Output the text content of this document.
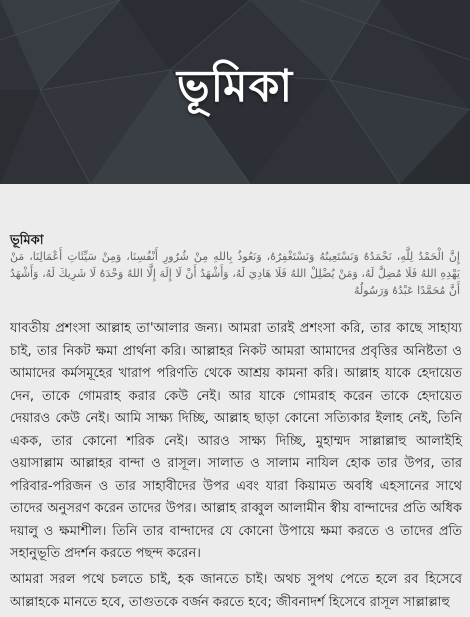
ভূমিকা
ভূমিকা
إِنَّ الْحَمْدُ لِلَّهِ، نَحْمَدُهُ وَنَسْتَعِينُهُ وَنَسْتَغْفِرُهُ، وَنَعُوذُ بِاللهِ مِنْ شُرُورِ أَنْفُسِنَا، وَمِنْ سَيِّئَاتِ أَعْمَالِنَا، مَنْ يَهْدِهِ اللهُ فَلَا مُضِلَّ لَهُ، وَمَنْ يُضْلِلْ اللهُ فَلَا هَادِيَ لَهُ، وَأَشْهَدُ أَنْ لَا إِلَهَ إِلَّا اللهُ وَحْدَهُ لَا شَرِيكَ لَهُ، وَأَشْهَدُ أَنَّ مُحَمَّدًا عَبْدُهُ وَرَسُولُهُ

যাবতীয় প্রশংসা আল্লাহ তা'আলার জন্য। আমরা তারই প্রশংসা করি, তার কাছে সাহায্য চাই, তার নিকট ক্ষমা প্রার্থনা করি। আল্লাহর নিকট আমরা আমাদের প্রবৃত্তির অনিষ্টতা ও আমাদের কর্মসমূহের খারাপ পরিণতি থেকে আশ্রয় কামনা করি। আল্লাহ যাকে হেদায়েত দেন, তাকে গোমরাহ করার কেউ নেই। আর যাকে গোমরাহ করেন তাকে হেদায়েত দেয়ারও কেউ নেই। আমি সাক্ষ্য দিচ্ছি, আল্লাহ ছাড়া কোনো সত্যিকার ইলাহ নেই, তিনি একক, তার কোনো শরিক নেই। আরও সাক্ষ্য দিচ্ছি, মুহাম্মদ সাল্লাল্লাহু আলাইহি ওয়াসাল্লাম আল্লাহর বান্দা ও রাসূল। সালাত ও সালাম নাযিল হোক তার উপর, তার পরিবার-পরিজন ও তার সাহাবীদের উপর এবং যারা কিয়ামত অবধি এহসানের সাথে তাদের অনুসরণ করেন তাদের উপর। আল্লাহ রাব্বুল আলামীন স্বীয় বান্দাদের প্রতি অধিক দয়ালু ও ক্ষমাশীল। তিনি তার বান্দাদের যে কোনো উপায়ে ক্ষমা করতে ও তাদের প্রতি সহানুভূতি প্রদর্শন করতে পছন্দ করেন।

আমরা সরল পথে চলতে চাই, হক জানতে চাই। অথচ সুপথ পেতে হলে রব হিসেবে আল্লাহকে মানতে হবে, তাগুতকে বর্জন করতে হবে; জীবনাদর্শ হিসেবে রাসূল সাল্লাল্লাহু
